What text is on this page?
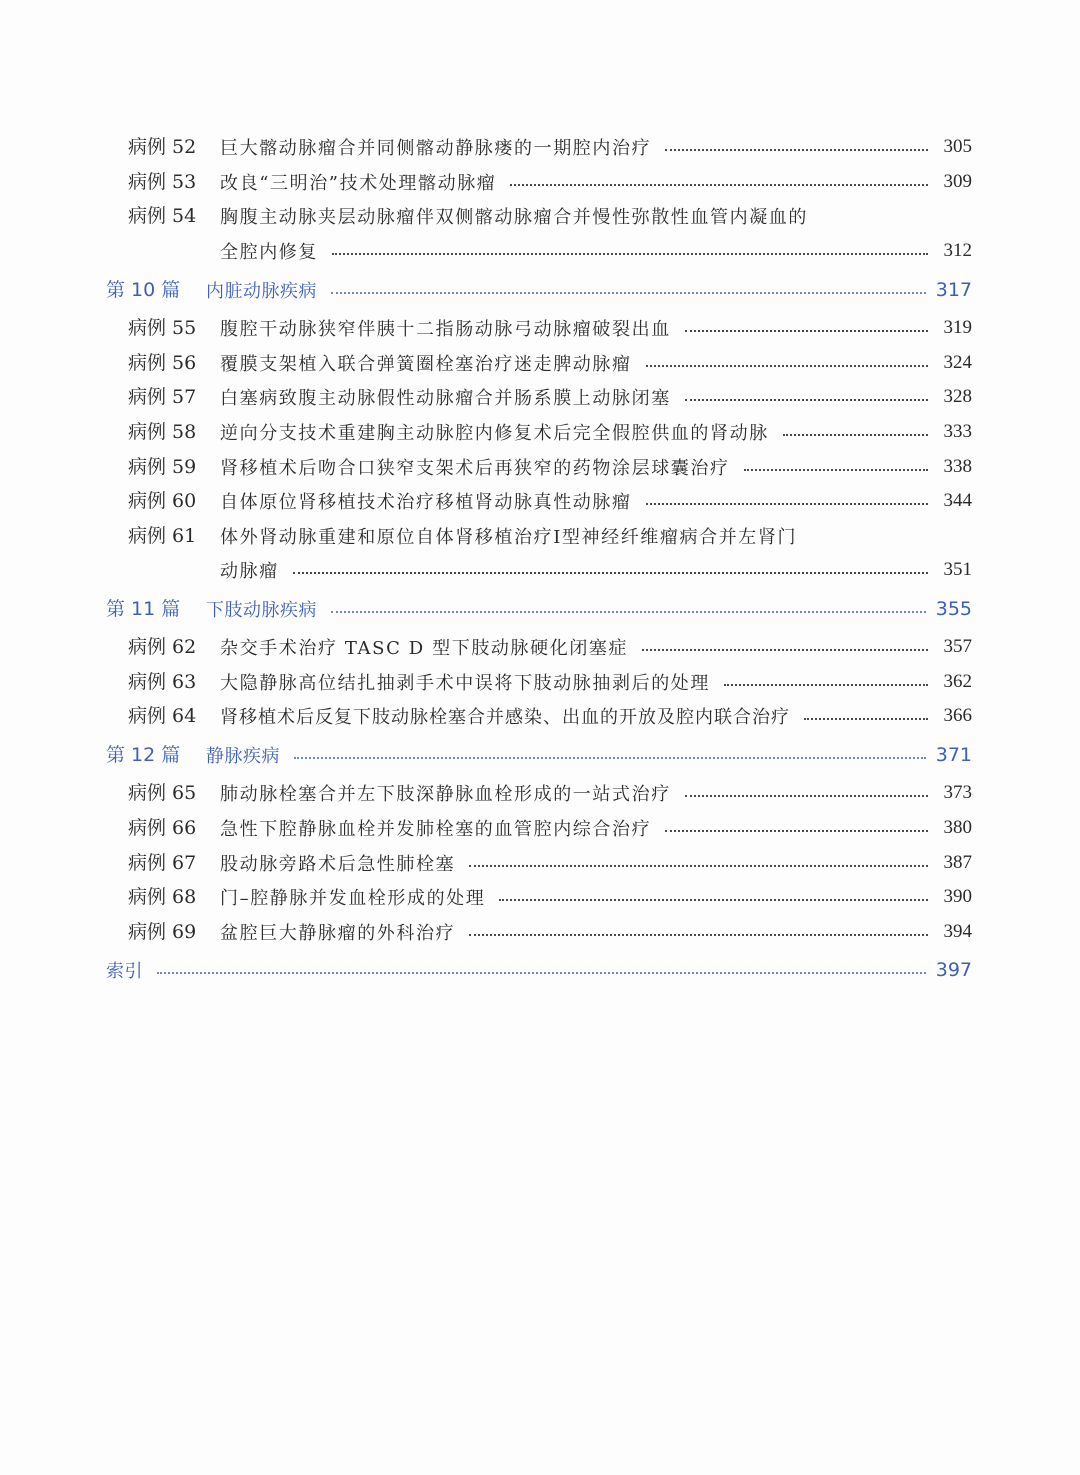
病例 52 巨大髂动脉瘤合并同侧髂动静脉瘘的一期腔内治疗	305
病例 53 改良“三明治”技术处理髂动脉瘤	309
病例 54 胸腹主动脉夹层动脉瘤伴双侧髂动脉瘤合并慢性弥散性血管内凝血的
全腔内修复	312
第 10 篇 内脏动脉疾病	317
病例 55 腹腔干动脉狭窄伴胰十二指肠动脉弓动脉瘤破裂出血	319
病例 56 覆膜支架植入联合弹簧圈栓塞治疗迷走脾动脉瘤	324
病例 57 白塞病致腹主动脉假性动脉瘤合并肠系膜上动脉闭塞	328
病例 58 逆向分支技术重建胸主动脉腔内修复术后完全假腔供血的肾动脉	333
病例 59 肾移植术后吻合口狭窄支架术后再狭窄的药物涂层球囊治疗	338
病例 60 自体原位肾移植技术治疗移植肾动脉真性动脉瘤	344
病例 61 体外肾动脉重建和原位自体肾移植治疗Ⅰ型神经纤维瘤病合并左肾门
动脉瘤	351
第 11 篇 下肢动脉疾病	355
病例 62 杂交手术治疗 TASC D 型下肢动脉硬化闭塞症	357
病例 63 大隐静脉高位结扎抽剥手术中误将下肢动脉抽剥后的处理	362
病例 64 肾移植术后反复下肢动脉栓塞合并感染、出血的开放及腔内联合治疗	366
第 12 篇 静脉疾病	371
病例 65 肺动脉栓塞合并左下肢深静脉血栓形成的一站式治疗	373
病例 66 急性下腔静脉血栓并发肺栓塞的血管腔内综合治疗	380
病例 67 股动脉旁路术后急性肺栓塞	387
病例 68 门–腔静脉并发血栓形成的处理	390
病例 69 盆腔巨大静脉瘤的外科治疗	394
索引	397
